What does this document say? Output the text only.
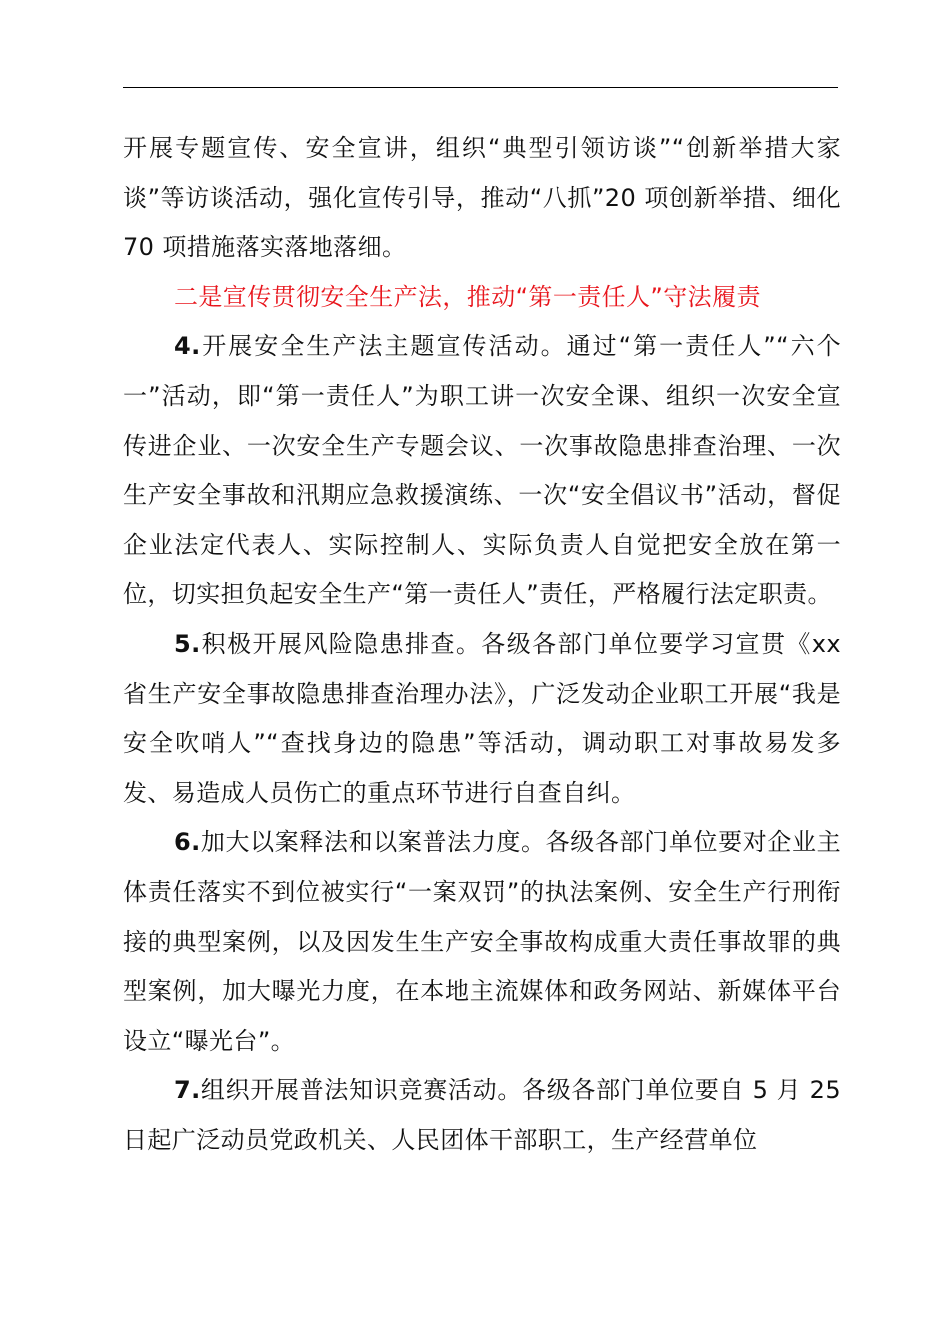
开展专题宣传、安全宣讲，组织“典型引领访谈”“创新举措大家谈”等访谈活动，强化宣传引导，推动“八抓”20 项创新举措、细化 70 项措施落实落地落细。

二是宣传贯彻安全生产法，推动“第一责任人”守法履责

4.开展安全生产法主题宣传活动。通过“第一责任人”“六个一”活动，即“第一责任人”为职工讲一次安全课、组织一次安全宣传进企业、一次安全生产专题会议、一次事故隐患排查治理、一次生产安全事故和汛期应急救援演练、一次“安全倡议书”活动，督促企业法定代表人、实际控制人、实际负责人自觉把安全放在第一位，切实担负起安全生产“第一责任人”责任，严格履行法定职责。

5.积极开展风险隐患排查。各级各部门单位要学习宣贯《xx 省生产安全事故隐患排查治理办法》，广泛发动企业职工开展“我是安全吹哨人”“查找身边的隐患”等活动，调动职工对事故易发多发、易造成人员伤亡的重点环节进行自查自纠。

6.加大以案释法和以案普法力度。各级各部门单位要对企业主体责任落实不到位被实行“一案双罚”的执法案例、安全生产行刑衔接的典型案例，以及因发生生产安全事故构成重大责任事故罪的典型案例，加大曝光力度，在本地主流媒体和政务网站、新媒体平台设立“曝光台”。

7.组织开展普法知识竞赛活动。各级各部门单位要自 5 月 25 日起广泛动员党政机关、人民团体干部职工，生产经营单位
